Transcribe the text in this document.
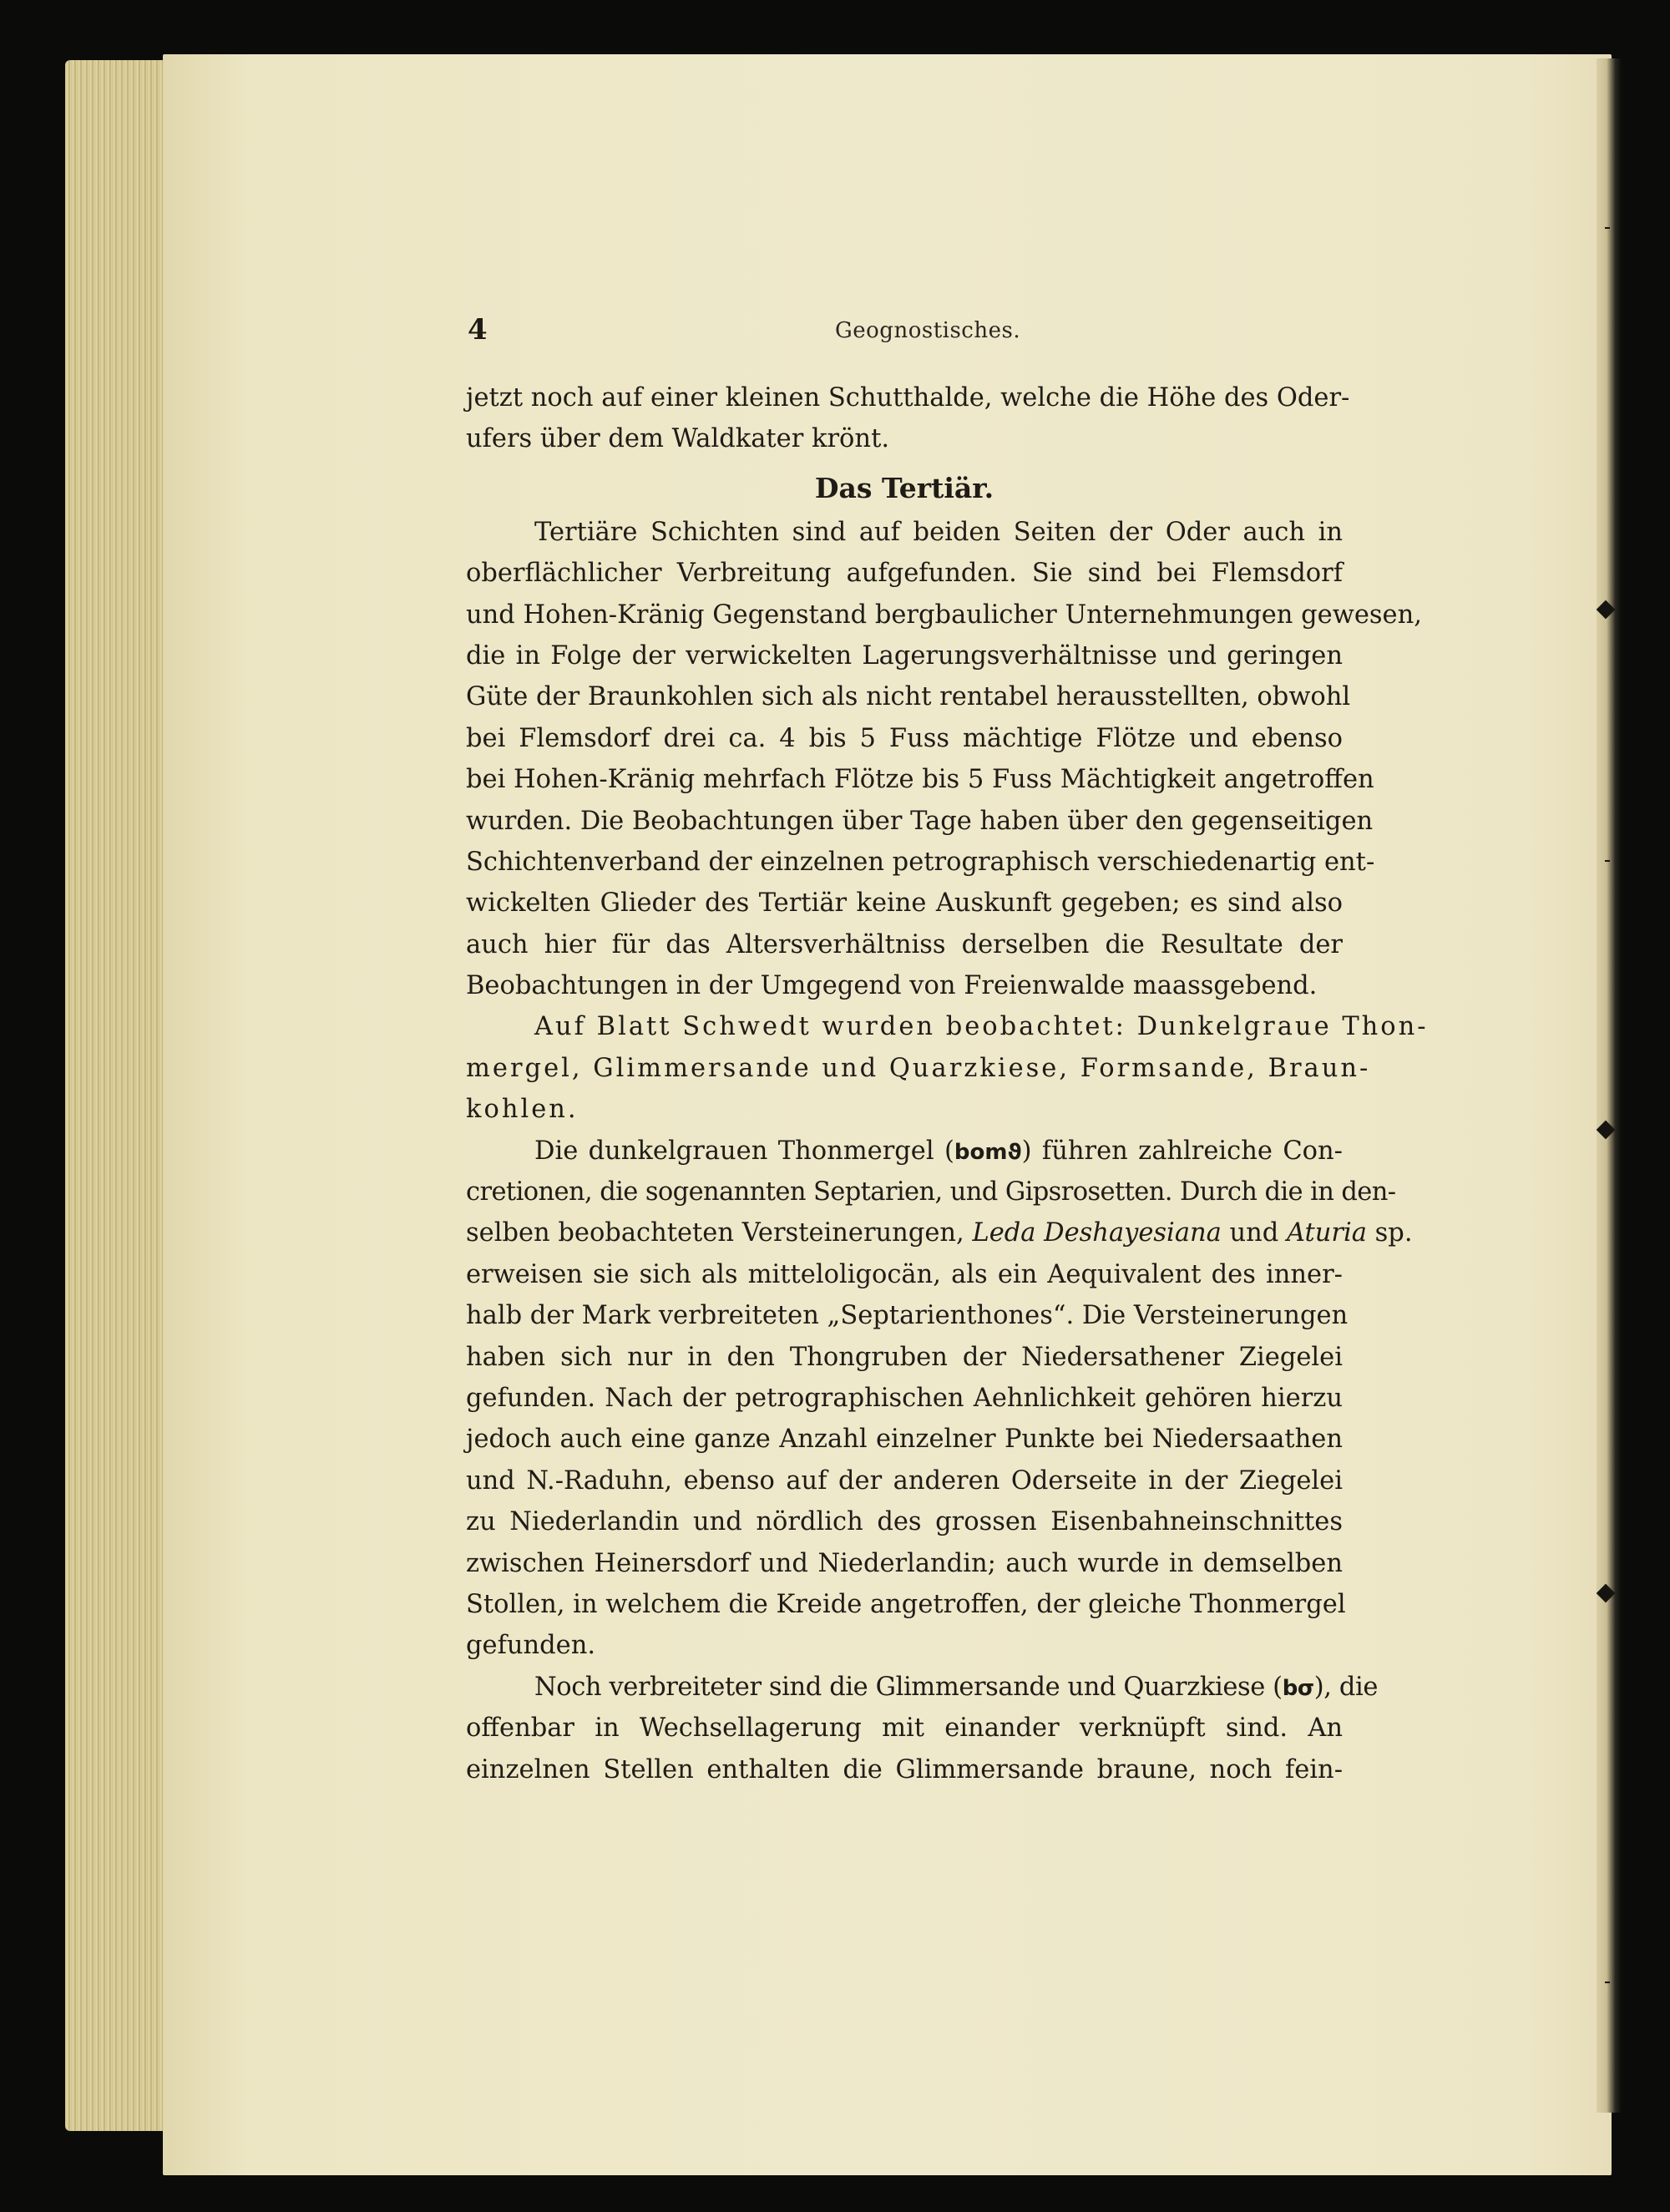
4	Geognostisches.
jetzt noch auf einer kleinen Schutthalde, welche die Höhe des Oder-
ufers über dem Waldkater krönt.
Das Tertiär.
Tertiäre Schichten sind auf beiden Seiten der Oder auch in
oberflächlicher Verbreitung aufgefunden. Sie sind bei Flemsdorf
und Hohen-Kränig Gegenstand bergbaulicher Unternehmungen gewesen,
die in Folge der verwickelten Lagerungsverhältnisse und geringen
Güte der Braunkohlen sich als nicht rentabel herausstellten, obwohl
bei Flemsdorf drei ca. 4 bis 5 Fuss mächtige Flötze und ebenso
bei Hohen-Kränig mehrfach Flötze bis 5 Fuss Mächtigkeit angetroffen
wurden. Die Beobachtungen über Tage haben über den gegenseitigen
Schichtenverband der einzelnen petrographisch verschiedenartig ent-
wickelten Glieder des Tertiär keine Auskunft gegeben; es sind also
auch hier für das Altersverhältniss derselben die Resultate der
Beobachtungen in der Umgegend von Freienwalde maassgebend.
Auf Blatt Schwedt wurden beobachtet: Dunkelgraue Thon-
mergel, Glimmersande und Quarzkiese, Formsande, Braun-
kohlen.
Die dunkelgrauen Thonmergel (bomϑ) führen zahlreiche Con-
cretionen, die sogenannten Septarien, und Gipsrosetten. Durch die in den-
selben beobachteten Versteinerungen, Leda Deshayesiana und Aturia sp.
erweisen sie sich als mitteloligocän, als ein Aequivalent des inner-
halb der Mark verbreiteten „Septarienthones“. Die Versteinerungen
haben sich nur in den Thongruben der Niedersathener Ziegelei
gefunden. Nach der petrographischen Aehnlichkeit gehören hierzu
jedoch auch eine ganze Anzahl einzelner Punkte bei Niedersaathen
und N.-Raduhn, ebenso auf der anderen Oderseite in der Ziegelei
zu Niederlandin und nördlich des grossen Eisenbahneinschnittes
zwischen Heinersdorf und Niederlandin; auch wurde in demselben
Stollen, in welchem die Kreide angetroffen, der gleiche Thonmergel
gefunden.
Noch verbreiteter sind die Glimmersande und Quarzkiese (bσ), die
offenbar in Wechsellagerung mit einander verknüpft sind. An
einzelnen Stellen enthalten die Glimmersande braune, noch fein-
